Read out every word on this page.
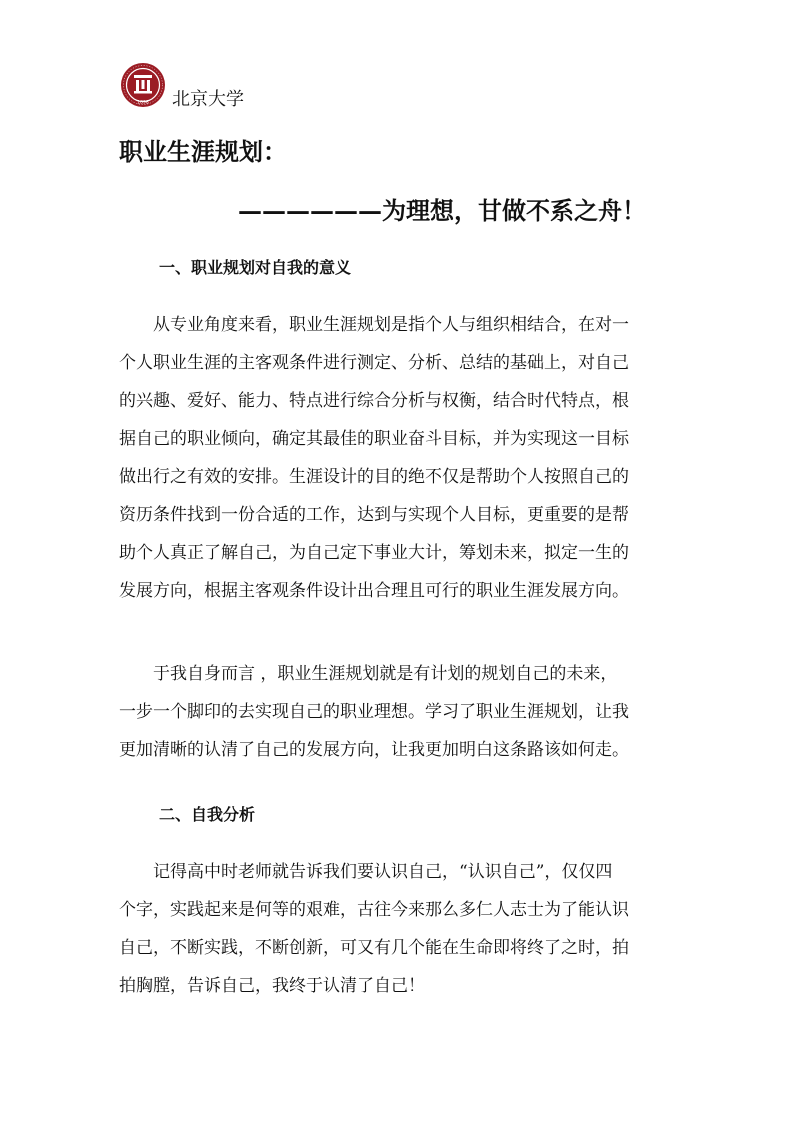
1898 北京大学
职业生涯规划：
——————为理想，甘做不系之舟！
一、职业规划对自我的意义
从专业角度来看，职业生涯规划是指个人与组织相结合，在对一
个人职业生涯的主客观条件进行测定、分析、总结的基础上，对自己
的兴趣、爱好、能力、特点进行综合分析与权衡，结合时代特点，根
据自己的职业倾向，确定其最佳的职业奋斗目标，并为实现这一目标
做出行之有效的安排。生涯设计的目的绝不仅是帮助个人按照自己的
资历条件找到一份合适的工作，达到与实现个人目标，更重要的是帮
助个人真正了解自己，为自己定下事业大计，筹划未来，拟定一生的
发展方向，根据主客观条件设计出合理且可行的职业生涯发展方向。
于我自身而言 ，职业生涯规划就是有计划的规划自己的未来，
一步一个脚印的去实现自己的职业理想。学习了职业生涯规划，让我
更加清晰的认清了自己的发展方向，让我更加明白这条路该如何走。
二、自我分析
记得高中时老师就告诉我们要认识自己，“认识自己”，仅仅四
个字，实践起来是何等的艰难，古往今来那么多仁人志士为了能认识
自己，不断实践，不断创新，可又有几个能在生命即将终了之时，拍
拍胸膛，告诉自己，我终于认清了自己！
